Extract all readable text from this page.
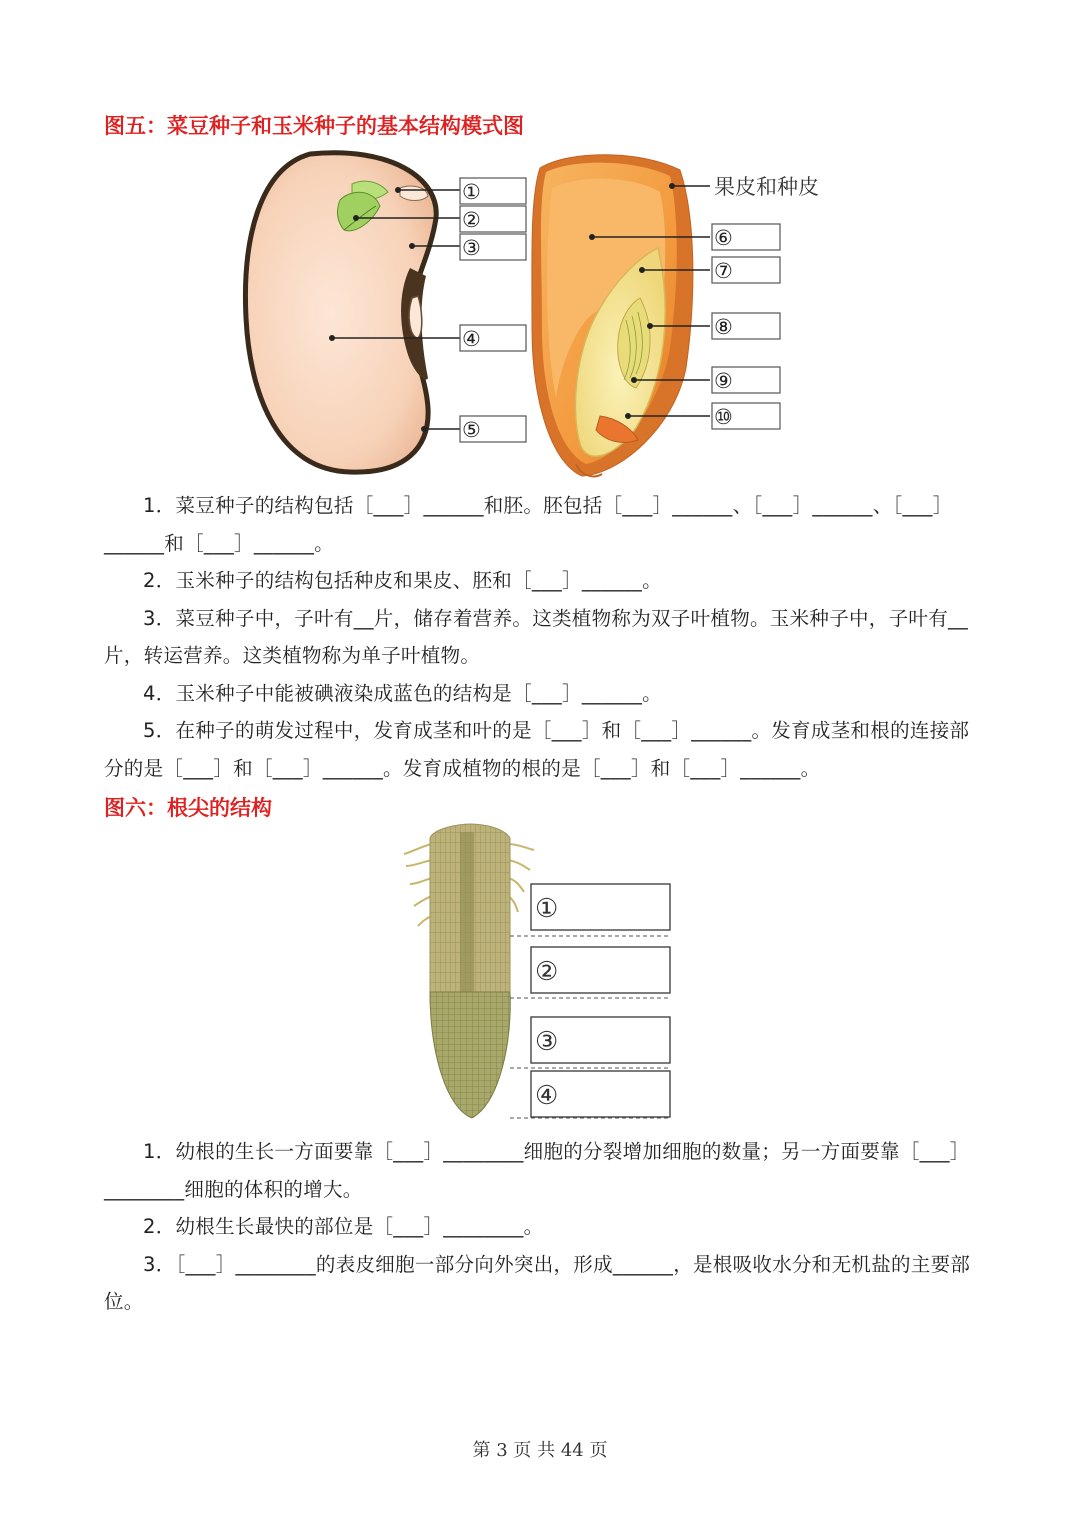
图五：菜豆种子和玉米种子的基本结构模式图
①
②
③
④
⑤
果皮和种皮
⑥
⑦
⑧
⑨
⑩

1．菜豆种子的结构包括［___］______和胚。胚包括［___］______、［___］______、［___］______和［___］______。

2．玉米种子的结构包括种皮和果皮、胚和［___］______。

3．菜豆种子中，子叶有__片，储存着营养。这类植物称为双子叶植物。玉米种子中，子叶有__片，转运营养。这类植物称为单子叶植物。

4．玉米种子中能被碘液染成蓝色的结构是［___］______。

5．在种子的萌发过程中，发育成茎和叶的是［___］和［___］______。发育成茎和根的连接部分的是［___］和［___］______。发育成植物的根的是［___］和［___］______。

图六：根尖的结构
①
②
③
④

1．幼根的生长一方面要靠［___］________细胞的分裂增加细胞的数量；另一方面要靠［___］________细胞的体积的增大。

2．幼根生长最快的部位是［___］________。

3．［___］________的表皮细胞一部分向外突出，形成______，是根吸收水分和无机盐的主要部位。

第 3 页 共 44 页
